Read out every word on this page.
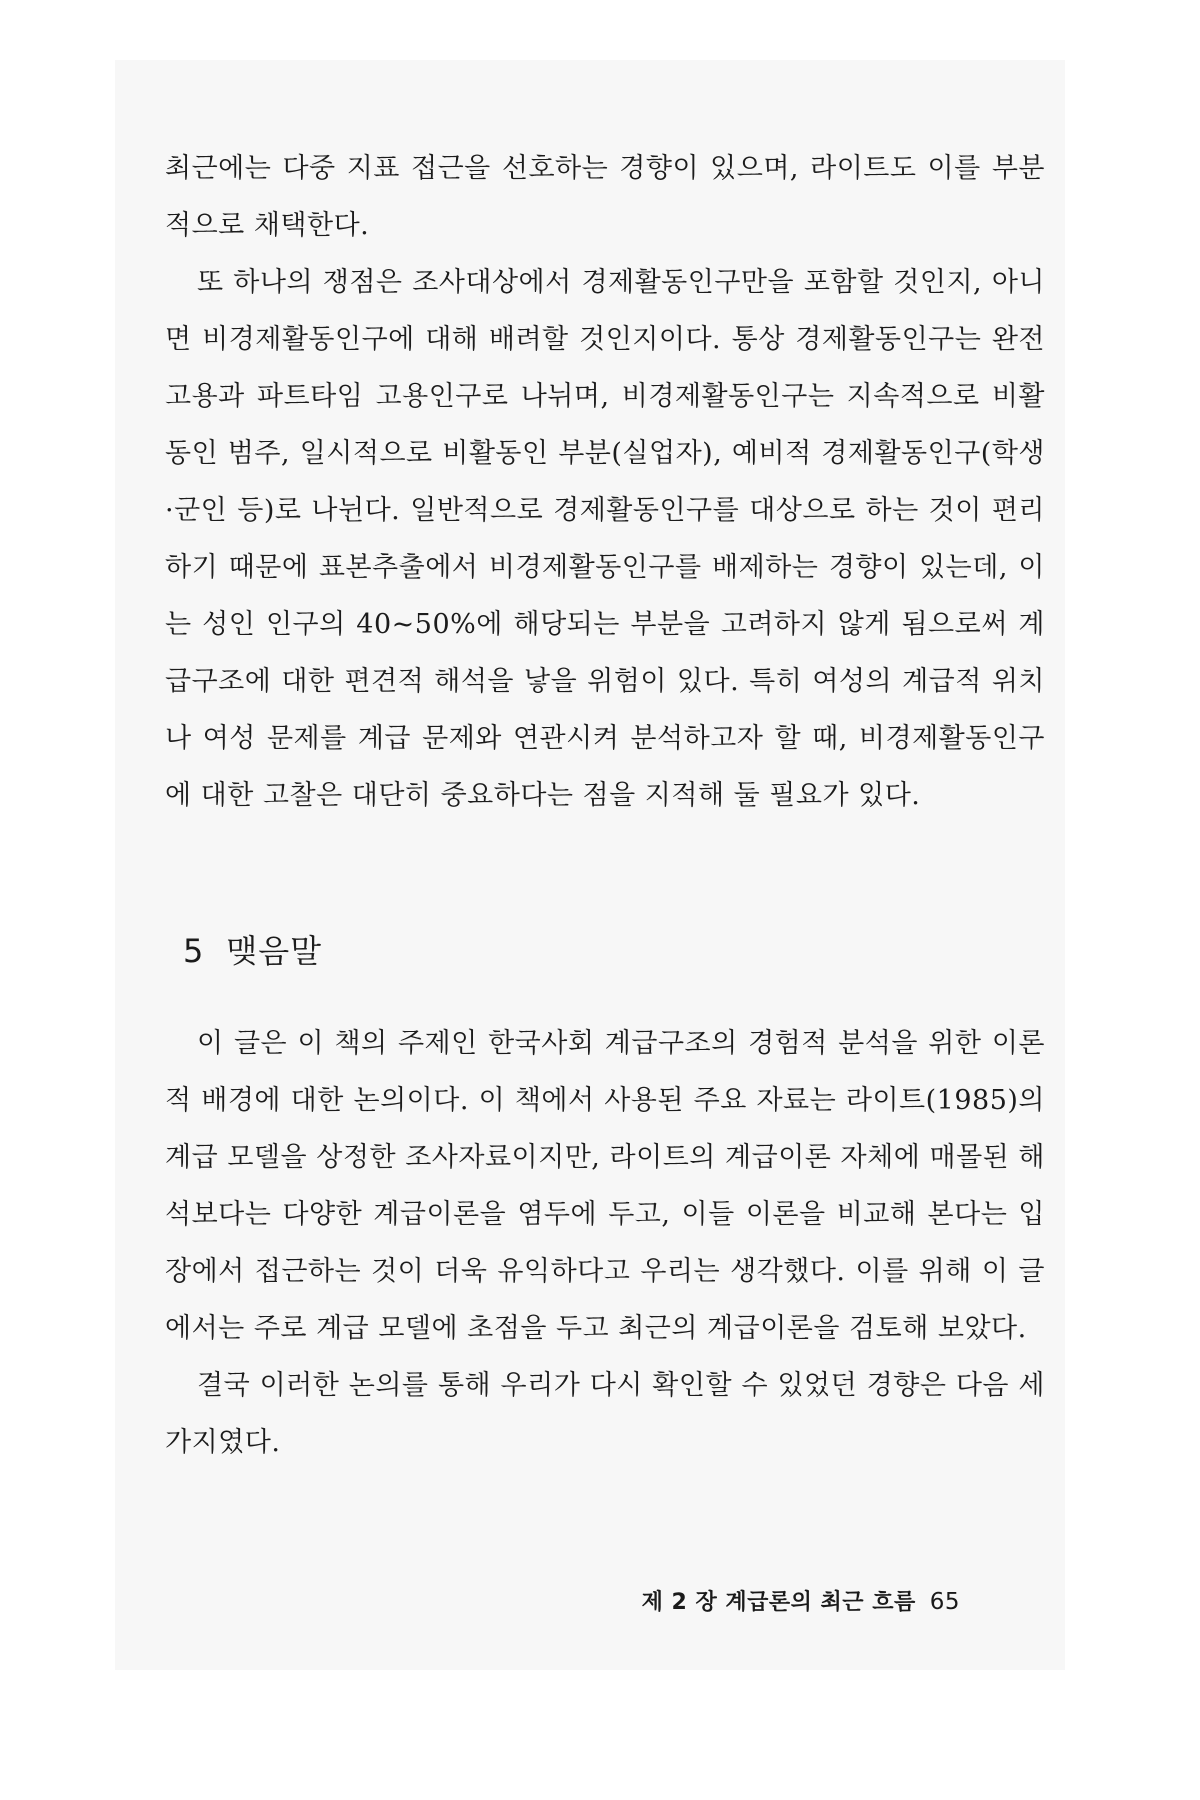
최근에는 다중 지표 접근을 선호하는 경향이 있으며, 라이트도 이를 부분적으로 채택한다.

또 하나의 쟁점은 조사대상에서 경제활동인구만을 포함할 것인지, 아니면 비경제활동인구에 대해 배려할 것인지이다. 통상 경제활동인구는 완전고용과 파트타임 고용인구로 나뉘며, 비경제활동인구는 지속적으로 비활동인 범주, 일시적으로 비활동인 부분(실업자), 예비적 경제활동인구(학생·군인 등)로 나뉜다. 일반적으로 경제활동인구를 대상으로 하는 것이 편리하기 때문에 표본추출에서 비경제활동인구를 배제하는 경향이 있는데, 이는 성인 인구의 40~50%에 해당되는 부분을 고려하지 않게 됨으로써 계급구조에 대한 편견적 해석을 낳을 위험이 있다. 특히 여성의 계급적 위치나 여성 문제를 계급 문제와 연관시켜 분석하고자 할 때, 비경제활동인구에 대한 고찰은 대단히 중요하다는 점을 지적해 둘 필요가 있다.

5 맺음말

이 글은 이 책의 주제인 한국사회 계급구조의 경험적 분석을 위한 이론적 배경에 대한 논의이다. 이 책에서 사용된 주요 자료는 라이트(1985)의 계급 모델을 상정한 조사자료이지만, 라이트의 계급이론 자체에 매몰된 해석보다는 다양한 계급이론을 염두에 두고, 이들 이론을 비교해 본다는 입장에서 접근하는 것이 더욱 유익하다고 우리는 생각했다. 이를 위해 이 글에서는 주로 계급 모델에 초점을 두고 최근의 계급이론을 검토해 보았다.

결국 이러한 논의를 통해 우리가 다시 확인할 수 있었던 경향은 다음 세 가지였다.

제 2 장 계급론의 최근 흐름 65
